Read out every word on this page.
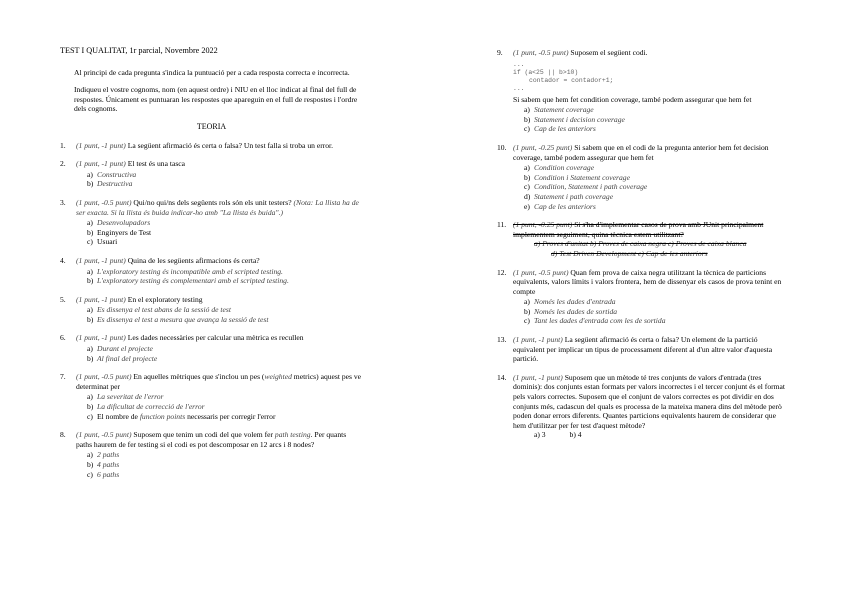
TEST I QUALITAT, 1r parcial, Novembre 2022
Al principi de cada pregunta s'indica la puntuació per a cada resposta correcta e incorrecta.
Indiqueu el vostre cognoms, nom (en aquest ordre) i NIU en el lloc indicat al final del full de respostes. Únicament es puntuaran les respostes que apareguin en el full de respostes i l'ordre dels cognoms.
TEORIA
1. (1 punt, -1 punt) La següent afirmació és certa o falsa? Un test falla si troba un error.
2. (1 punt, -1 punt) El test és una tasca
a) Constructiva
b) Destructiva
3. (1 punt, -0.5 punt) Qui/no qui/ns dels següents rols són els unit testers? (Nota: La llista ha de ser exacta. Si la llista és buida indicar-ho amb "La llista és buida".)
a) Desenvolupadors
b) Enginyers de Test
c) Usuari
4. (1 punt, -1 punt) Quina de les següents afirmacions és certa?
a) L'exploratory testing és incompatible amb el scripted testing.
b) L'exploratory testing és complementari amb el scripted testing.
5. (1 punt, -1 punt) En el exploratory testing
a) Es dissenya el test abans de la sessió de test
b) Es dissenya el test a mesura que avança la sessió de test
6. (1 punt, -1 punt) Les dades necessàries per calcular una mètrica es recullen
a) Durant el projecte
b) Al final del projecte
7. (1 punt, -0.5 punt) En aquelles mètriques que s'inclou un pes (weighted metrics) aquest pes ve determinat per
a) La severitat de l'error
b) La dificultat de correcció de l'error
c) El nombre de function points necessaris per corregir l'error
8. (1 punt, -0.5 punt) Suposem que tenim un codi del que volem fer path testing. Per quants paths haurem de fer testing si el codi es pot descomposar en 12 arcs i 8 nodes?
a) 2 paths
b) 4 paths
c) 6 paths
9. (1 punt, -0.5 punt) Suposem el següent codi.
...
if (a<25 || b>10)
contador = contador+1;
...
Si sabem que hem fet condition coverage, també podem assegurar que hem fet
a) Statement coverage
b) Statement i decision coverage
c) Cap de les anteriors
10. (1 punt, -0.25 punt) Si sabem que en el codi de la pregunta anterior hem fet decision coverage, també podem assegurar que hem fet
a) Condition coverage
b) Condition i Statement coverage
c) Condition, Statement i path coverage
d) Statement i path coverage
e) Cap de les anteriors
11. (1 punt, -0.25 punt) Si s'ha d'implementar casos de prova amb JUnit principalment implementem seguiment, quina tècnica estem utilitzant?
a) Proves d'unitat b) Proves de caixa negra c) Proves de caixa blanca
d) Test Driven Development e) Cap de les anteriors
12. (1 punt, -0.5 punt) Quan fem prova de caixa negra utilitzant la tècnica de particions equivalents, valors límits i valors frontera, hem de dissenyar els casos de prova tenint en compte
a) Només les dades d'entrada
b) Només les dades de sortida
c) Tant les dades d'entrada com les de sortida
13. (1 punt, -1 punt) La següent afirmació és certa o falsa? Un element de la partició equivalent per implicar un tipus de processament diferent al d'un altre valor d'aquesta partició.
14. (1 punt, -1 punt) Suposem que un mètode té tres conjunts de valors d'entrada (tres dominis): dos conjunts estan formats per valors incorrectes i el tercer conjunt és el format pels valors correctes. Suposem que el conjunt de valors correctes es pot dividir en dos conjunts més, cadascun del quals es processa de la mateixa manera dins del mètode però poden donar errors diferents. Quantes particions equivalents haurem de considerar que hem d'utilitzar per fer test d'aquest mètode?
a) 3	b) 4
